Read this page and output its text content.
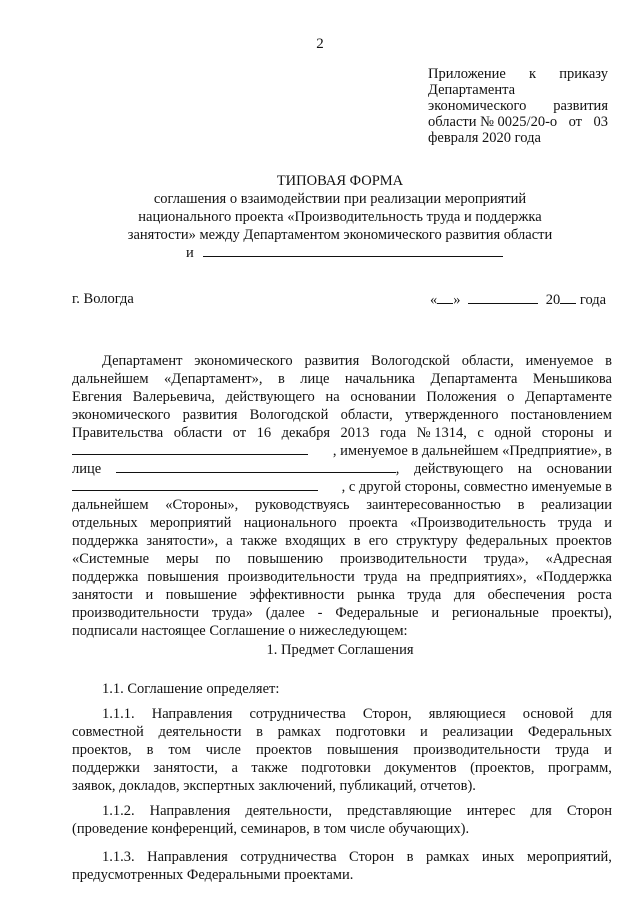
2
Приложение к приказу
Департамента
экономического развития
области № 0025/20-о от 03
февраля 2020 года
ТИПОВАЯ ФОРМА
соглашения о взаимодействии при реализации мероприятий
национального проекта «Производительность труда и поддержка
занятости» между Департаментом экономического развития области
и
г. Вологда	« »	20 года
Департамент экономического развития Вологодской области, именуемое в
дальнейшем «Департамент», в лице начальника Департамента Меньшикова
Евгения Валерьевича, действующего на основании Положения о Департаменте
экономического развития Вологодской области, утвержденного постановлением
Правительства области от 16 декабря 2013 года № 1314, с одной стороны и
, именуемое в дальнейшем «Предприятие», в
лице	, действующего на основании
, с другой стороны, совместно именуемые в
дальнейшем «Стороны», руководствуясь заинтересованностью в реализации
отдельных мероприятий национального проекта «Производительность труда и
поддержка занятости», а также входящих в его структуру федеральных проектов
«Системные меры по повышению производительности труда», «Адресная
поддержка повышения производительности труда на предприятиях», «Поддержка
занятости и повышение эффективности рынка труда для обеспечения роста
производительности труда» (далее - Федеральные и региональные проекты),
подписали настоящее Соглашение о нижеследующем:
1. Предмет Соглашения
1.1. Соглашение определяет:
1.1.1. Направления сотрудничества Сторон, являющиеся основой для
совместной деятельности в рамках подготовки и реализации Федеральных
проектов, в том числе проектов повышения производительности труда и
поддержки занятости, а также подготовки документов (проектов, программ,
заявок, докладов, экспертных заключений, публикаций, отчетов).
1.1.2. Направления деятельности, представляющие интерес для Сторон
(проведение конференций, семинаров, в том числе обучающих).
1.1.3. Направления сотрудничества Сторон в рамках иных мероприятий,
предусмотренных Федеральными проектами.
